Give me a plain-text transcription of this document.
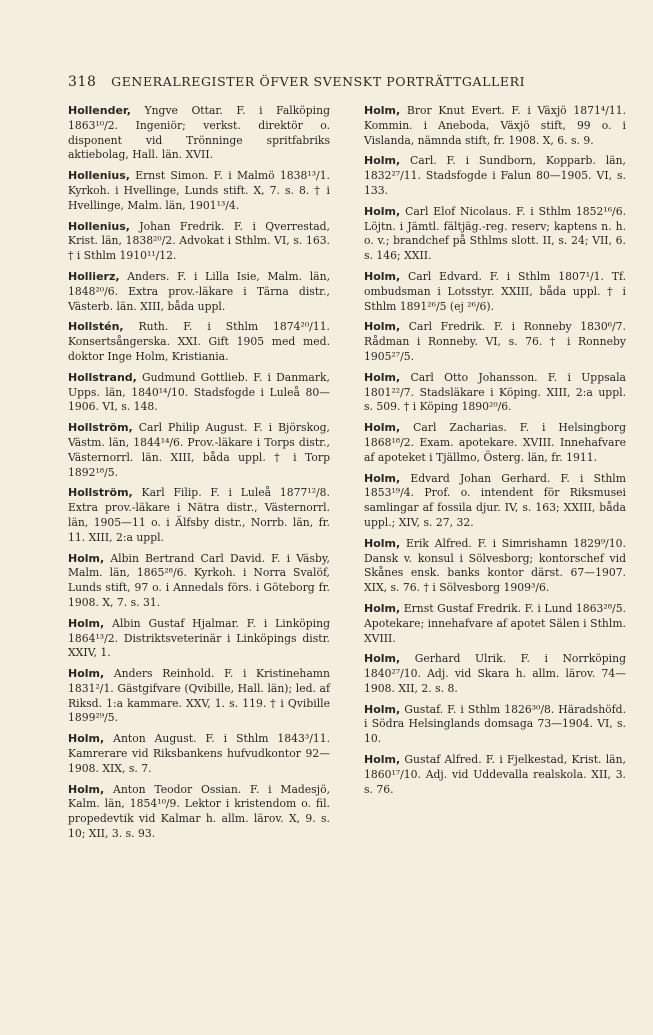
318 GENERALREGISTER ÖFVER SVENSKT PORTRÄTTGALLERI

Hollender, Yngve Ottar. F. i Falköping 1863¹⁰/2. Ingeniör; verkst. direktör o. disponent vid Trönninge spritfabriks aktiebolag, Hall. län. XVII.

Hollenius, Ernst Simon. F. i Malmö 1838¹³/1. Kyrkoh. i Hvellinge, Lunds stift. X, 7. s. 8. † i Hvellinge, Malm. län, 1901¹³/4.

Hollenius, Johan Fredrik. F. i Qverrestad, Krist. län, 1838²⁰/2. Advokat i Sthlm. VI, s. 163. † i Sthlm 1910¹¹/12.

Hollierz, Anders. F. i Lilla Isie, Malm. län, 1848²⁰/6. Extra prov.-läkare i Tärna distr., Västerb. län. XIII, båda uppl.

Hollstén, Ruth. F. i Sthlm 1874²⁰/11. Konsertsångerska. XXI. Gift 1905 med med. doktor Inge Holm, Kristiania.

Hollstrand, Gudmund Gottlieb. F. i Danmark, Upps. län, 1840¹⁴/10. Stadsfogde i Luleå 80—1906. VI, s. 148.

Hollström, Carl Philip August. F. i Björskog, Västm. län, 1844¹⁴/6. Prov.-läkare i Torps distr., Västernorrl. län. XIII, båda uppl. † i Torp 1892¹⁸/5.

Hollström, Karl Filip. F. i Luleå 1877¹²/8. Extra prov.-läkare i Nätra distr., Västernorrl. län, 1905—11 o. i Älfsby distr., Norrb. län, fr. 11. XIII, 2:a uppl.

Holm, Albin Bertrand Carl David. F. i Väsby, Malm. län, 1865²⁸/6. Kyrkoh. i Norra Svalöf, Lunds stift, 97 o. i Annedals förs. i Göteborg fr. 1908. X, 7. s. 31.

Holm, Albin Gustaf Hjalmar. F. i Linköping 1864¹³/2. Distriktsveterinär i Linköpings distr. XXIV, 1.

Holm, Anders Reinhold. F. i Kristinehamn 1831²/1. Gästgifvare (Qvibille, Hall. län); led. af Riksd. 1:a kammare. XXV, 1. s. 119. † i Qvibille 1899²⁹/5.

Holm, Anton August. F. i Sthlm 1843³/11. Kamrerare vid Riksbankens hufvudkontor 92—1908. XIX, s. 7.

Holm, Anton Teodor Ossian. F. i Madesjö, Kalm. län, 1854¹⁰/9. Lektor i kristendom o. fil. propedevtik vid Kalmar h. allm. lärov. X, 9. s. 10; XII, 3. s. 93.

Holm, Bror Knut Evert. F. i Växjö 1871⁴/11. Kommin. i Aneboda, Växjö stift, 99 o. i Vislanda, nämnda stift, fr. 1908. X, 6. s. 9.

Holm, Carl. F. i Sundborn, Kopparb. län, 1832²⁷/11. Stadsfogde i Falun 80—1905. VI, s. 133.

Holm, Carl Elof Nicolaus. F. i Sthlm 1852¹⁶/6. Löjtn. i Jämtl. fältjäg.-reg. reserv; kaptens n. h. o. v.; brandchef på Sthlms slott. II, s. 24; VII, 6. s. 146; XXII.

Holm, Carl Edvard. F. i Sthlm 1807¹/1. Tf. ombudsman i Lotsstyr. XXIII, båda uppl. † i Sthlm 1891²⁶/5 (ej ²⁶/6).

Holm, Carl Fredrik. F. i Ronneby 1830⁶/7. Rådman i Ronneby. VI, s. 76. † i Ronneby 1905²⁷/5.

Holm, Carl Otto Johansson. F. i Uppsala 1801²²/7. Stadsläkare i Köping. XIII, 2:a uppl. s. 509. † i Köping 1890²⁰/6.

Holm, Carl Zacharias. F. i Helsingborg 1868¹⁸/2. Exam. apotekare. XVIII. Innehafvare af apoteket i Tjällmo, Österg. län, fr. 1911.

Holm, Edvard Johan Gerhard. F. i Sthlm 1853¹⁹/4. Prof. o. intendent för Riksmusei samlingar af fossila djur. IV, s. 163; XXIII, båda uppl.; XIV, s. 27, 32.

Holm, Erik Alfred. F. i Simrishamn 1829⁹/10. Dansk v. konsul i Sölvesborg; kontorschef vid Skånes ensk. banks kontor därst. 67—1907. XIX, s. 76. † i Sölvesborg 1909³/6.

Holm, Ernst Gustaf Fredrik. F. i Lund 1863²⁸/5. Apotekare; innehafvare af apotet Sälen i Sthlm. XVIII.

Holm, Gerhard Ulrik. F. i Norrköping 1840²⁷/10. Adj. vid Skara h. allm. lärov. 74—1908. XII, 2. s. 8.

Holm, Gustaf. F. i Sthlm 1826³⁰/8. Häradshöfd. i Södra Helsinglands domsaga 73—1904. VI, s. 10.

Holm, Gustaf Alfred. F. i Fjelkestad, Krist. län, 1860¹⁷/10. Adj. vid Uddevalla realskola. XII, 3. s. 76.
